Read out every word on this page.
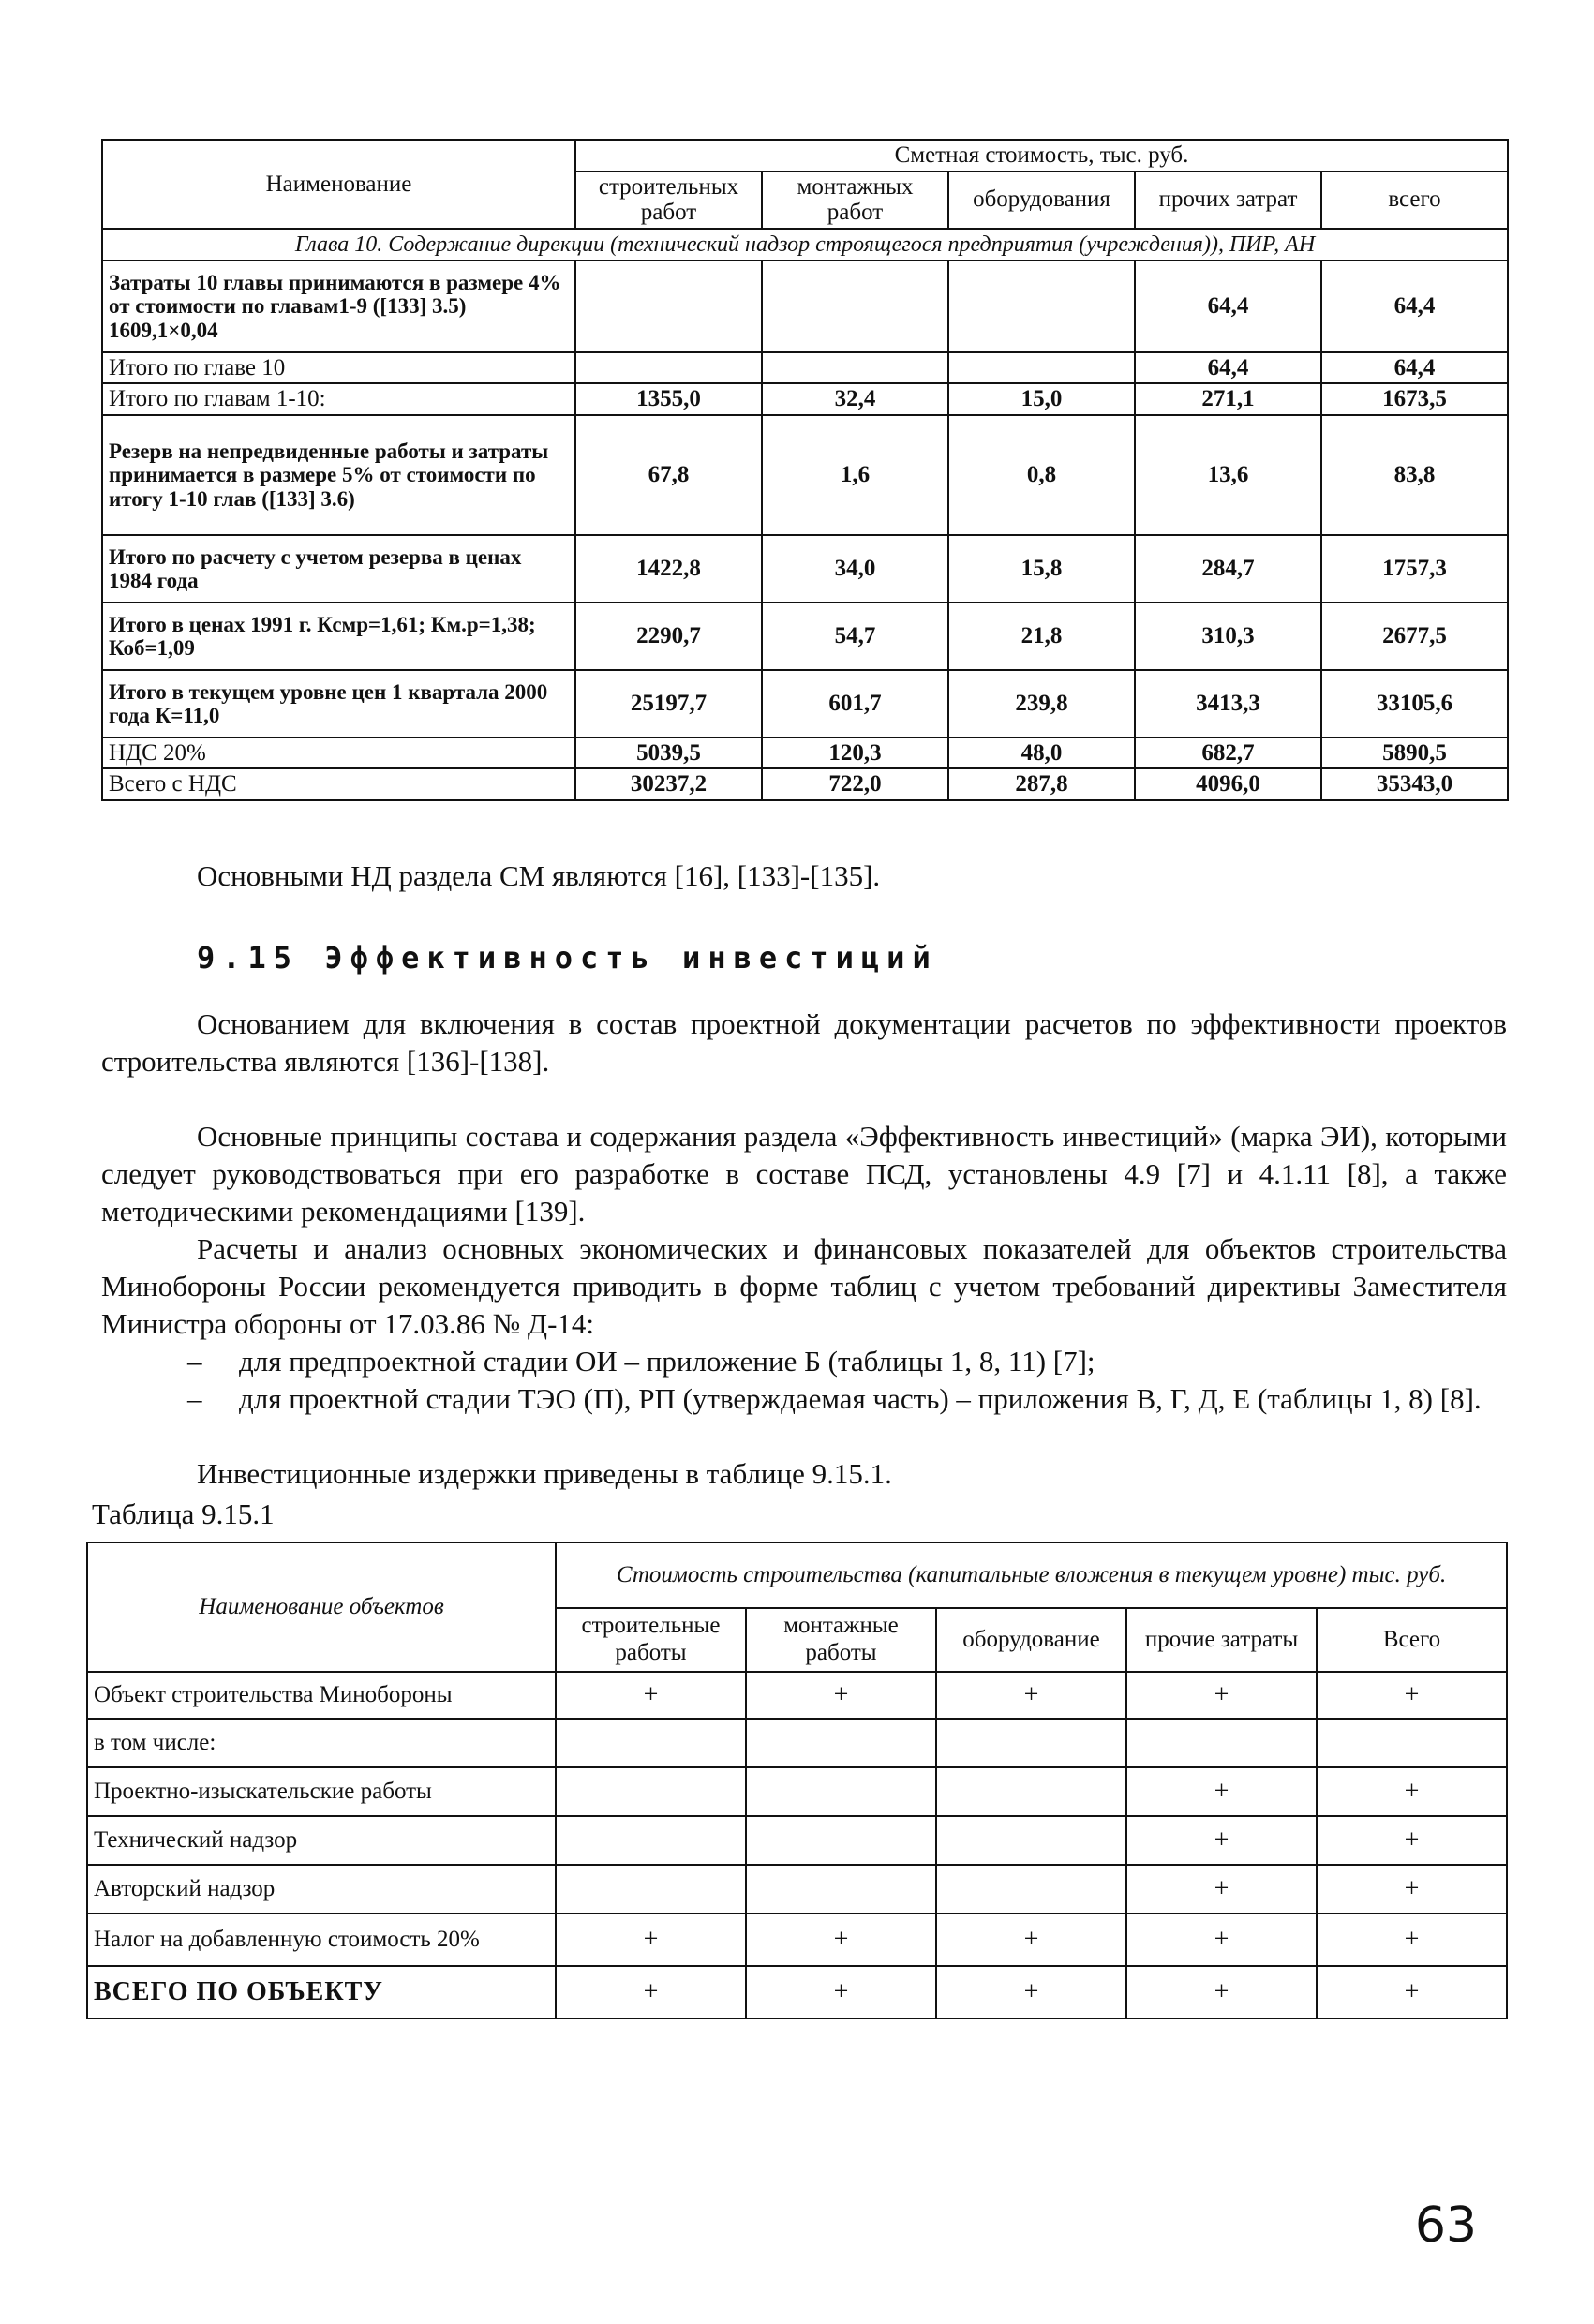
Наименование	Сметная стоимость, тыс. руб.				
	строительных работ	монтажных работ	оборудования	прочих затрат	всего
Глава 10. Содержание дирекции (технический надзор строящегося предприятия (учреждения)), ПИР, АН					
Затраты 10 главы принимаются в размере 4% от стоимости по главам1-9 ([133] 3.5) 1609,1×0,04				64,4	64,4
Итого по главе 10				64,4	64,4
Итого по главам 1-10:	1355,0	32,4	15,0	271,1	1673,5
Резерв на непредвиденные работы и затраты принимается в размере 5% от стоимости по итогу 1-10 глав ([133] 3.6)	67,8	1,6	0,8	13,6	83,8
Итого по расчету с учетом резерва в ценах 1984 года	1422,8	34,0	15,8	284,7	1757,3
Итого в ценах 1991 г. Ксмр=1,61; Км.р=1,38; Коб=1,09	2290,7	54,7	21,8	310,3	2677,5
Итого в текущем уровне цен 1 квартала 2000 года К=11,0	25197,7	601,7	239,8	3413,3	33105,6
НДС 20%	5039,5	120,3	48,0	682,7	5890,5
Всего с НДС	30237,2	722,0	287,8	4096,0	35343,0
Основными НД раздела СМ являются [16], [133]-[135].
9.15 Эффективность инвестиций
Основанием для включения в состав проектной документации расчетов по эффективности проектов строительства являются [136]-[138].
Основные принципы состава и содержания раздела «Эффективность инвестиций» (марка ЭИ), которыми следует руководствоваться при его разработке в составе ПСД, установлены 4.9 [7] и 4.1.11 [8], а также методическими рекомендациями [139].
Расчеты и анализ основных экономических и финансовых показателей для объектов строительства Минобороны России рекомендуется приводить в форме таблиц с учетом требований директивы Заместителя Министра обороны от 17.03.86 № Д-14:
– для предпроектной стадии ОИ – приложение Б (таблицы 1, 8, 11) [7];
– для проектной стадии ТЭО (П), РП (утверждаемая часть) – приложения В, Г, Д, Е (таблицы 1, 8) [8].
Инвестиционные издержки приведены в таблице 9.15.1.
Таблица 9.15.1
Наименование объектов	Стоимость строительства (капитальные вложения в текущем уровне) тыс. руб.				
	строительные работы	монтажные работы	оборудование	прочие затраты	Всего
Объект строительства Минобороны	+	+	+	+	+
в том числе:					
Проектно-изыскательские работы				+	+
Технический надзор				+	+
Авторский надзор				+	+
Налог на добавленную стоимость 20%	+	+	+	+	+
ВСЕГО ПО ОБЪЕКТУ	+	+	+	+	+
63
